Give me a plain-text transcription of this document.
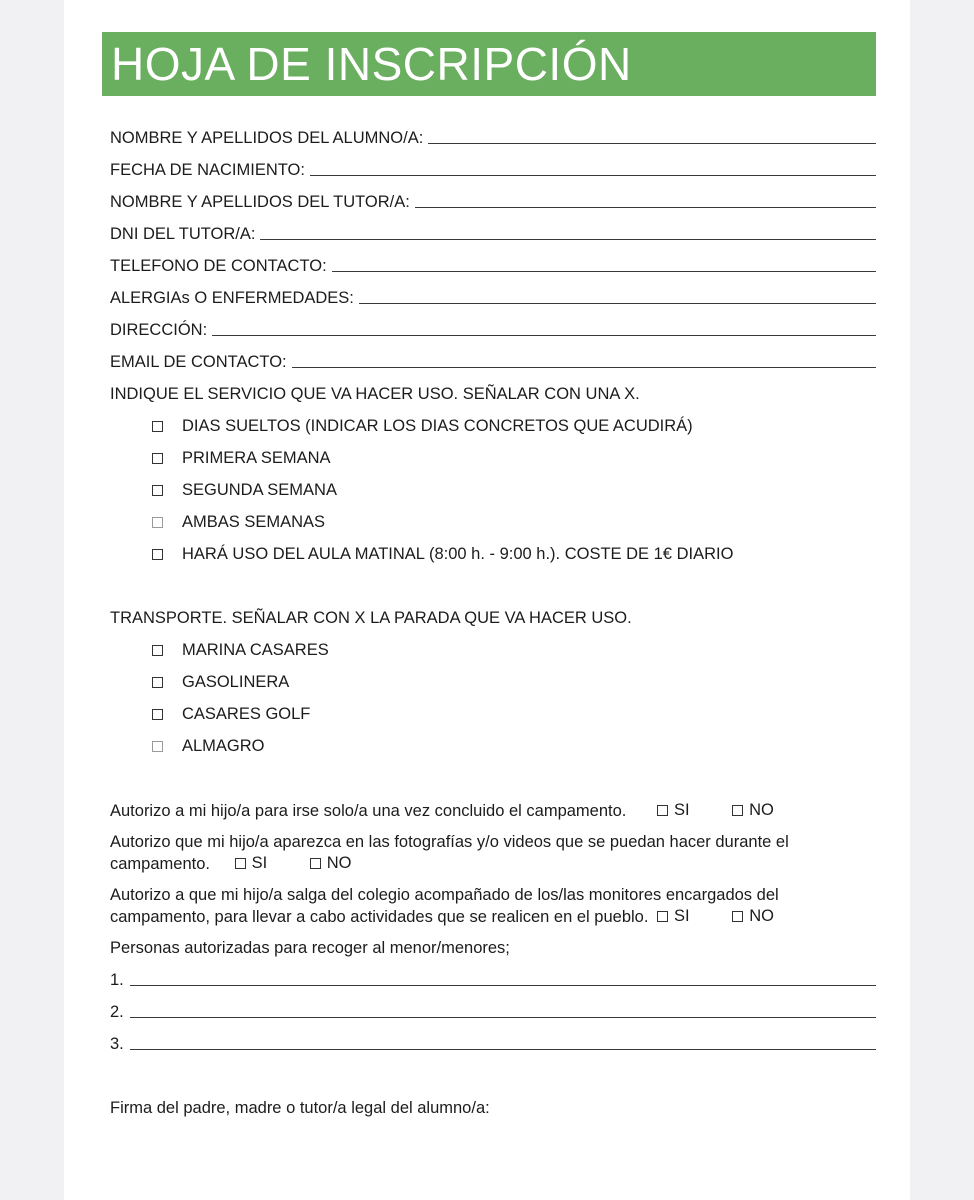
HOJA DE INSCRIPCIÓN
NOMBRE Y APELLIDOS DEL ALUMNO/A:
FECHA DE NACIMIENTO:
NOMBRE Y APELLIDOS DEL TUTOR/A:
DNI DEL TUTOR/A:
TELEFONO DE CONTACTO:
ALERGIAs O ENFERMEDADES:
DIRECCIÓN:
EMAIL DE CONTACTO:
INDIQUE EL SERVICIO QUE VA HACER USO. SEÑALAR CON UNA X.
DIAS SUELTOS (INDICAR LOS DIAS CONCRETOS QUE ACUDIRÁ)
PRIMERA SEMANA
SEGUNDA SEMANA
AMBAS SEMANAS
HARÁ USO DEL AULA MATINAL (8:00 h. - 9:00 h.). COSTE DE 1€ DIARIO
TRANSPORTE. SEÑALAR CON X LA PARADA QUE VA HACER USO.
MARINA CASARES
GASOLINERA
CASARES GOLF
ALMAGRO
Autorizo a mi hijo/a para irse solo/a una vez concluido el campamento.	SI
	NO
Autorizo que mi hijo/a aparezca en las fotografías y/o videos que se puedan hacer durante el
campamento.	SI
	NO
Autorizo a que mi hijo/a salga del colegio acompañado de los/las monitores encargados del
campamento, para llevar a cabo actividades que se realicen en el pueblo. SI
	NO
Personas autorizadas para recoger al menor/menores;
1.
2.
3.
Firma del padre, madre o tutor/a legal del alumno/a:
